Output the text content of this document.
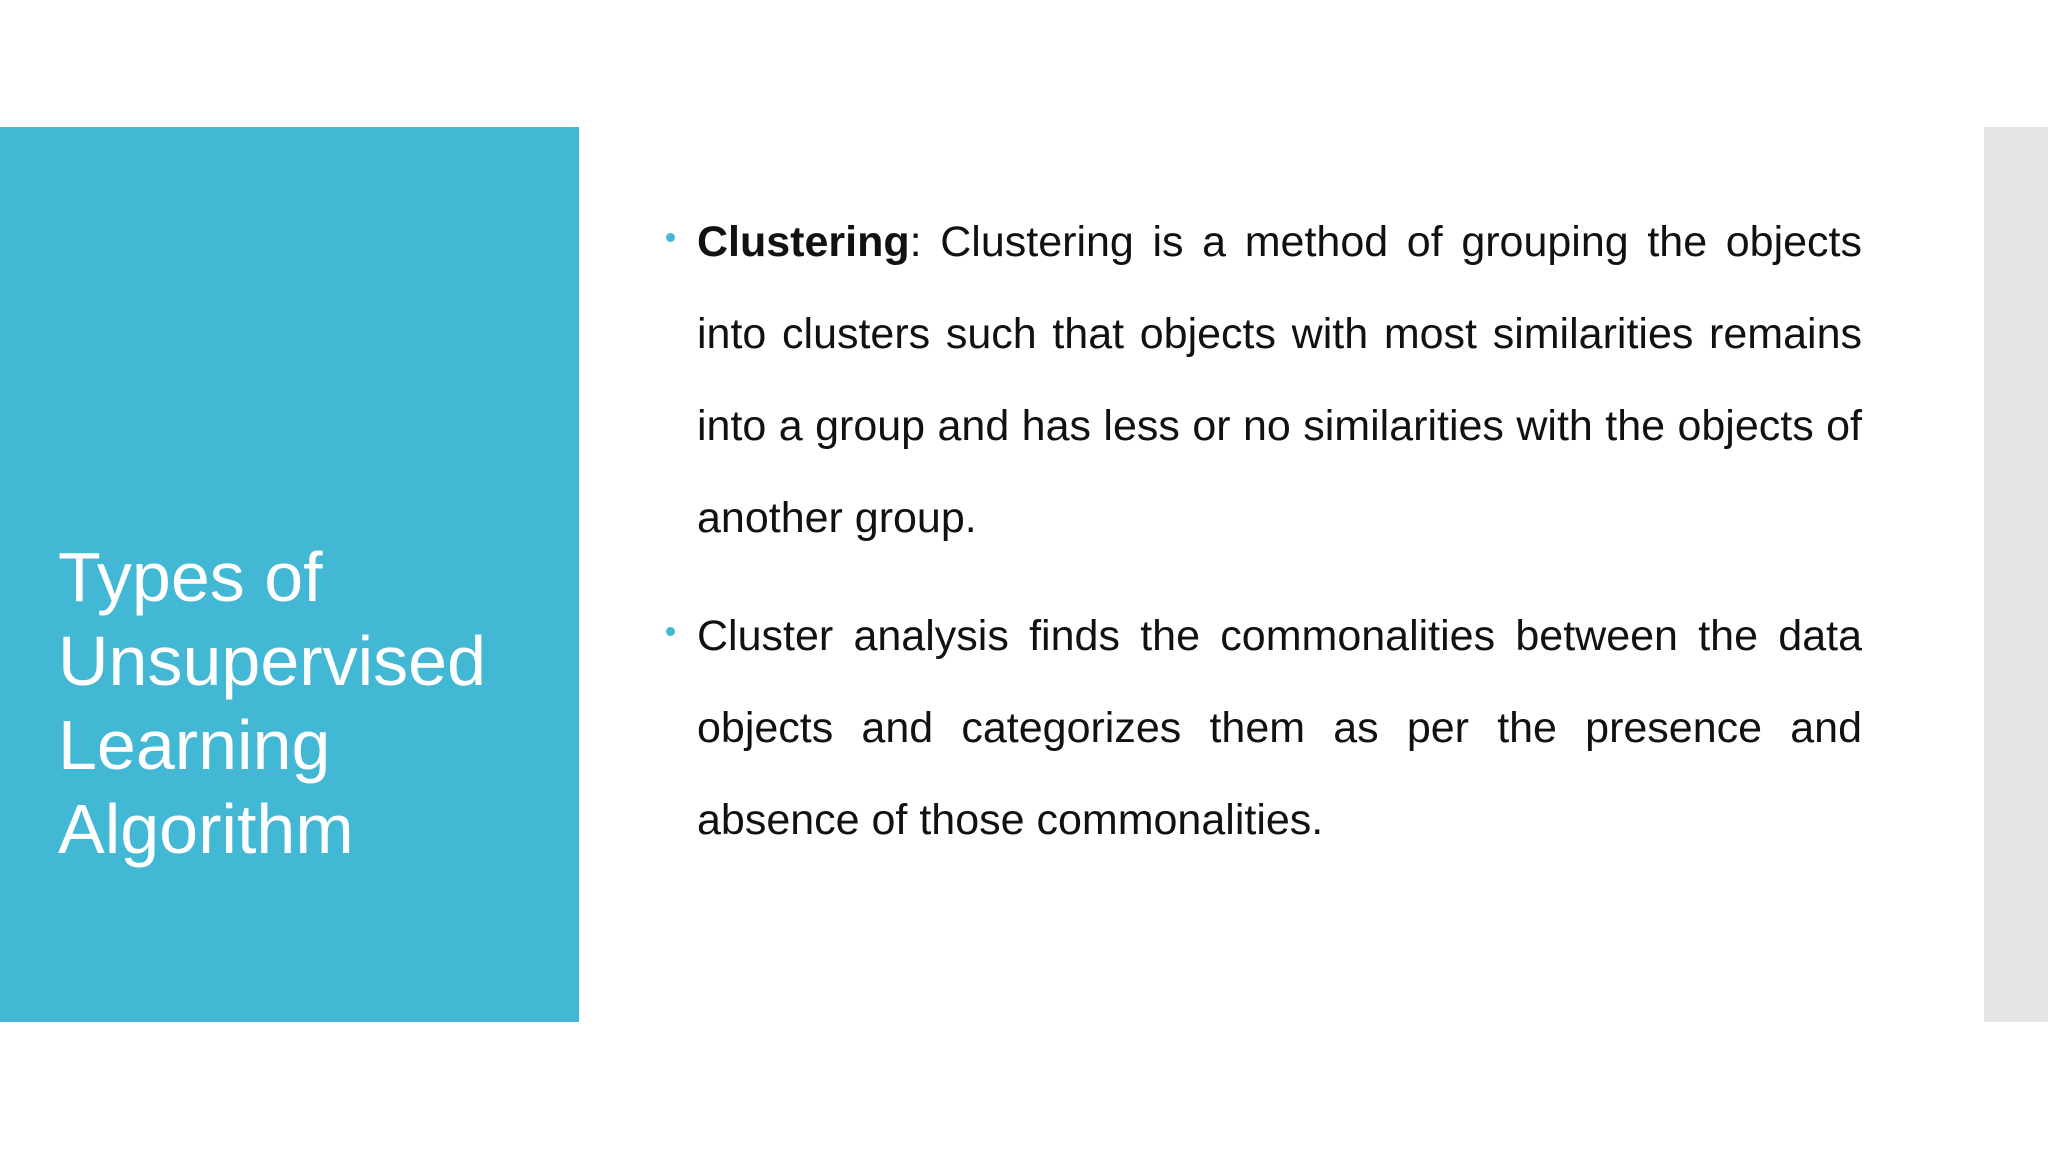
Types of
Unsupervised
Learning
Algorithm

Clustering: Clustering is a method of grouping the objects into clusters such that objects with most similarities remains into a group and has less or no similarities with the objects of another group.

Cluster analysis finds the commonalities between the data objects and categorizes them as per the presence and absence of those commonalities.
